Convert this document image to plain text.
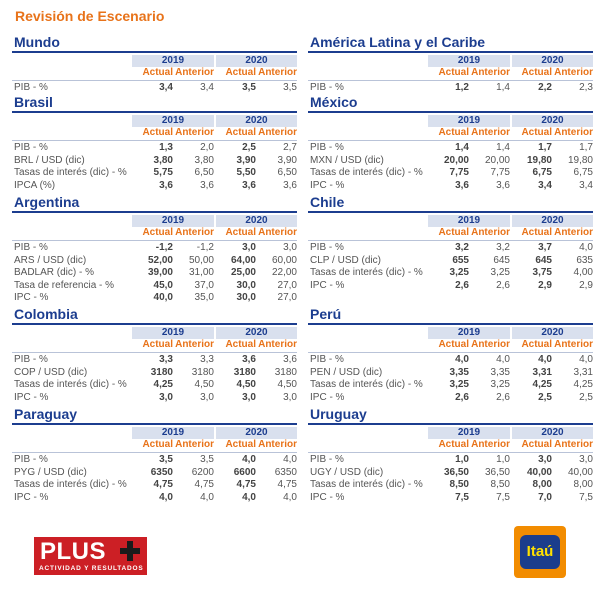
Revisión de Escenario
Mundo
2019	2020
Actual Anterior	Actual Anterior
PIB - %	3,4	3,4	3,5	3,5
América Latina y el Caribe
2019	2020
Actual Anterior	Actual Anterior
PIB - %	1,2	1,4	2,2	2,3
Brasil
2019	2020
Actual Anterior	Actual Anterior
PIB - %	1,3	2,0	2,5	2,7
BRL / USD (dic)	3,80	3,80	3,90	3,90
Tasas de interés (dic) - %	5,75	6,50	5,50	6,50
IPCA (%)	3,6	3,6	3,6	3,6
México
2019	2020
Actual Anterior	Actual Anterior
PIB - %	1,4	1,4	1,7	1,7
MXN / USD (dic)	20,00	20,00	19,80	19,80
Tasas de interés (dic) - %	7,75	7,75	6,75	6,75
IPC - %	3,6	3,6	3,4	3,4
Argentina
2019	2020
Actual Anterior	Actual Anterior
PIB - %	-1,2	-1,2	3,0	3,0
ARS / USD (dic)	52,00	50,00	64,00	60,00
BADLAR (dic) - %	39,00	31,00	25,00	22,00
Tasa de referencia - %	45,0	37,0	30,0	27,0
IPC - %	40,0	35,0	30,0	27,0
Chile
2019	2020
Actual Anterior	Actual Anterior
PIB - %	3,2	3,2	3,7	4,0
CLP / USD (dic)	655	645	645	635
Tasas de interés (dic) - %	3,25	3,25	3,75	4,00
IPC - %	2,6	2,6	2,9	2,9
Colombia
2019	2020
Actual Anterior	Actual Anterior
PIB - %	3,3	3,3	3,6	3,6
COP / USD (dic)	3180	3180	3180	3180
Tasas de interés (dic) - %	4,25	4,50	4,50	4,50
IPC - %	3,0	3,0	3,0	3,0
Perú
2019	2020
Actual Anterior	Actual Anterior
PIB - %	4,0	4,0	4,0	4,0
PEN / USD (dic)	3,35	3,35	3,31	3,31
Tasas de interés (dic) - %	3,25	3,25	4,25	4,25
IPC - %	2,6	2,6	2,5	2,5
Paraguay
2019	2020
Actual Anterior	Actual Anterior
PIB - %	3,5	3,5	4,0	4,0
PYG / USD (dic)	6350	6200	6600	6350
Tasas de interés (dic) - %	4,75	4,75	4,75	4,75
IPC - %	4,0	4,0	4,0	4,0
Uruguay
2019	2020
Actual Anterior	Actual Anterior
PIB - %	1,0	1,0	3,0	3,0
UGY / USD (dic)	36,50	36,50	40,00	40,00
Tasas de interés (dic) - %	8,50	8,50	8,00	8,00
IPC - %	7,5	7,5	7,0	7,5
PLUS
ACTIVIDAD Y RESULTADOS
Itaú
